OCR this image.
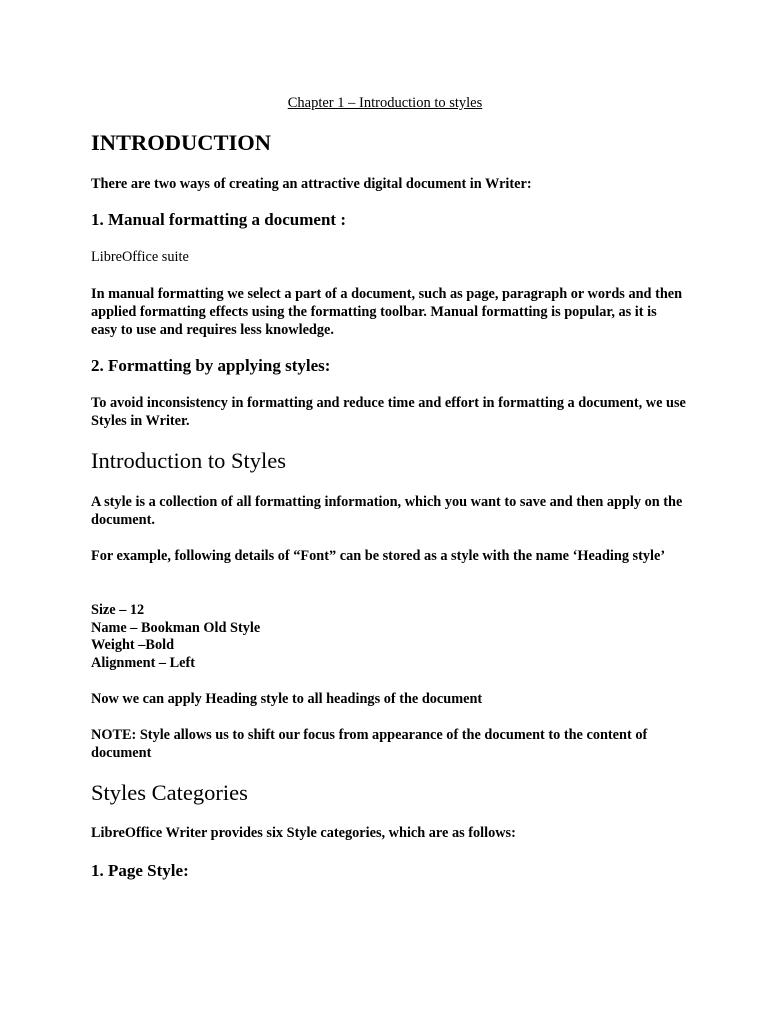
Chapter 1 – Introduction to styles
INTRODUCTION

There are two ways of creating an attractive digital document in Writer:

1. Manual formatting a document :

LibreOffice suite

In manual formatting we select a part of a document, such as page, paragraph or words and then applied formatting effects using the formatting toolbar. Manual formatting is popular, as it is easy to use and requires less knowledge.

2. Formatting by applying styles:

To avoid inconsistency in formatting and reduce time and effort in formatting a document, we use Styles in Writer.

Introduction to Styles

A style is a collection of all formatting information, which you want to save and then apply on the document.

For example, following details of “Font” can be stored as a style with the name ‘Heading style’

Size – 12

Name – Bookman Old Style

Weight –Bold

Alignment – Left

Now we can apply Heading style to all headings of the document

NOTE: Style allows us to shift our focus from appearance of the document to the content of document

Styles Categories

LibreOffice Writer provides six Style categories, which are as follows:

1. Page Style:
